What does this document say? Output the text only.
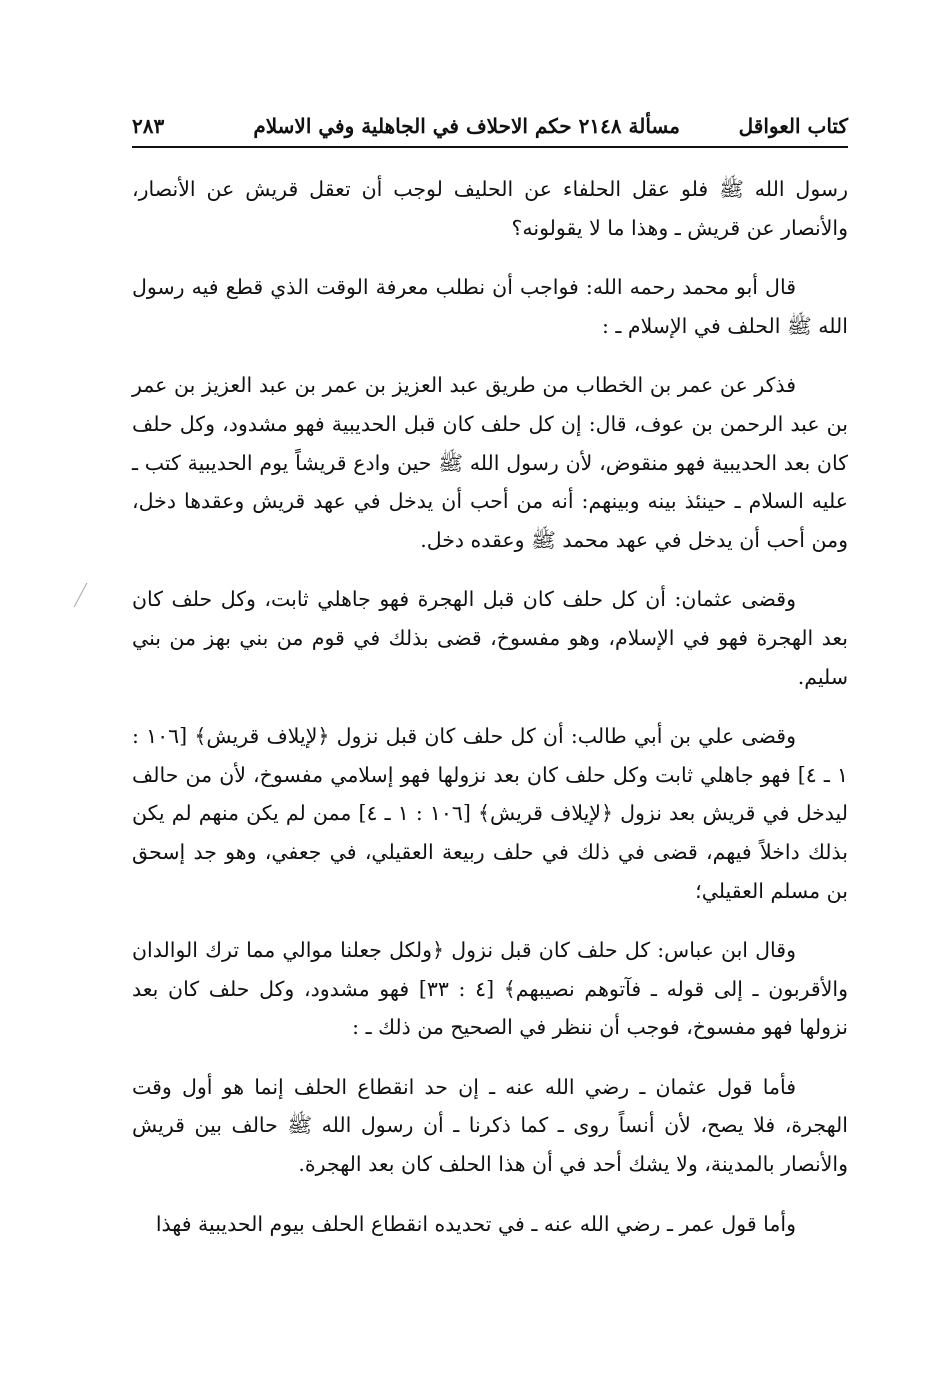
كتاب العواقل
مسألة ٢١٤٨ حكم الاحلاف في الجاهلية وفي الاسلام
٢٨٣

رسول الله ﷺ فلو عقل الحلفاء عن الحليف لوجب أن تعقل قريش عن الأنصار، والأنصار عن قريش ـ وهذا ما لا يقولونه؟

قال أبو محمد رحمه الله: فواجب أن نطلب معرفة الوقت الذي قطع فيه رسول الله ﷺ الحلف في الإسلام ـ :

فذكر عن عمر بن الخطاب من طريق عبد العزيز بن عمر بن عبد العزيز بن عمر بن عبد الرحمن بن عوف، قال: إن كل حلف كان قبل الحديبية فهو مشدود، وكل حلف كان بعد الحديبية فهو منقوض، لأن رسول الله ﷺ حين وادع قريشاً يوم الحديبية كتب ـ عليه السلام ـ حينئذ بينه وبينهم: أنه من أحب أن يدخل في عهد قريش وعقدها دخل، ومن أحب أن يدخل في عهد محمد ﷺ وعقده دخل.

وقضى عثمان: أن كل حلف كان قبل الهجرة فهو جاهلي ثابت، وكل حلف كان بعد الهجرة فهو في الإسلام، وهو مفسوخ، قضى بذلك في قوم من بني بهز من بني سليم.

وقضى علي بن أبي طالب: أن كل حلف كان قبل نزول ﴿لإيلاف قريش﴾ [١٠٦ : ١ ـ ٤] فهو جاهلي ثابت وكل حلف كان بعد نزولها فهو إسلامي مفسوخ، لأن من حالف ليدخل في قريش بعد نزول ﴿لإيلاف قريش﴾ [١٠٦ : ١ ـ ٤] ممن لم يكن منهم لم يكن بذلك داخلاً فيهم، قضى في ذلك في حلف ربيعة العقيلي، في جعفي، وهو جد إسحق بن مسلم العقيلي؛

وقال ابن عباس: كل حلف كان قبل نزول ﴿ولكل جعلنا موالي مما ترك الوالدان والأقربون ـ إلى قوله ـ فآتوهم نصيبهم﴾ [٤ : ٣٣] فهو مشدود، وكل حلف كان بعد نزولها فهو مفسوخ، فوجب أن ننظر في الصحيح من ذلك ـ :

فأما قول عثمان ـ رضي الله عنه ـ إن حد انقطاع الحلف إنما هو أول وقت الهجرة، فلا يصح، لأن أنساً روى ـ كما ذكرنا ـ أن رسول الله ﷺ حالف بين قريش والأنصار بالمدينة، ولا يشك أحد في أن هذا الحلف كان بعد الهجرة.

وأما قول عمر ـ رضي الله عنه ـ في تحديده انقطاع الحلف بيوم الحديبية فهذا
